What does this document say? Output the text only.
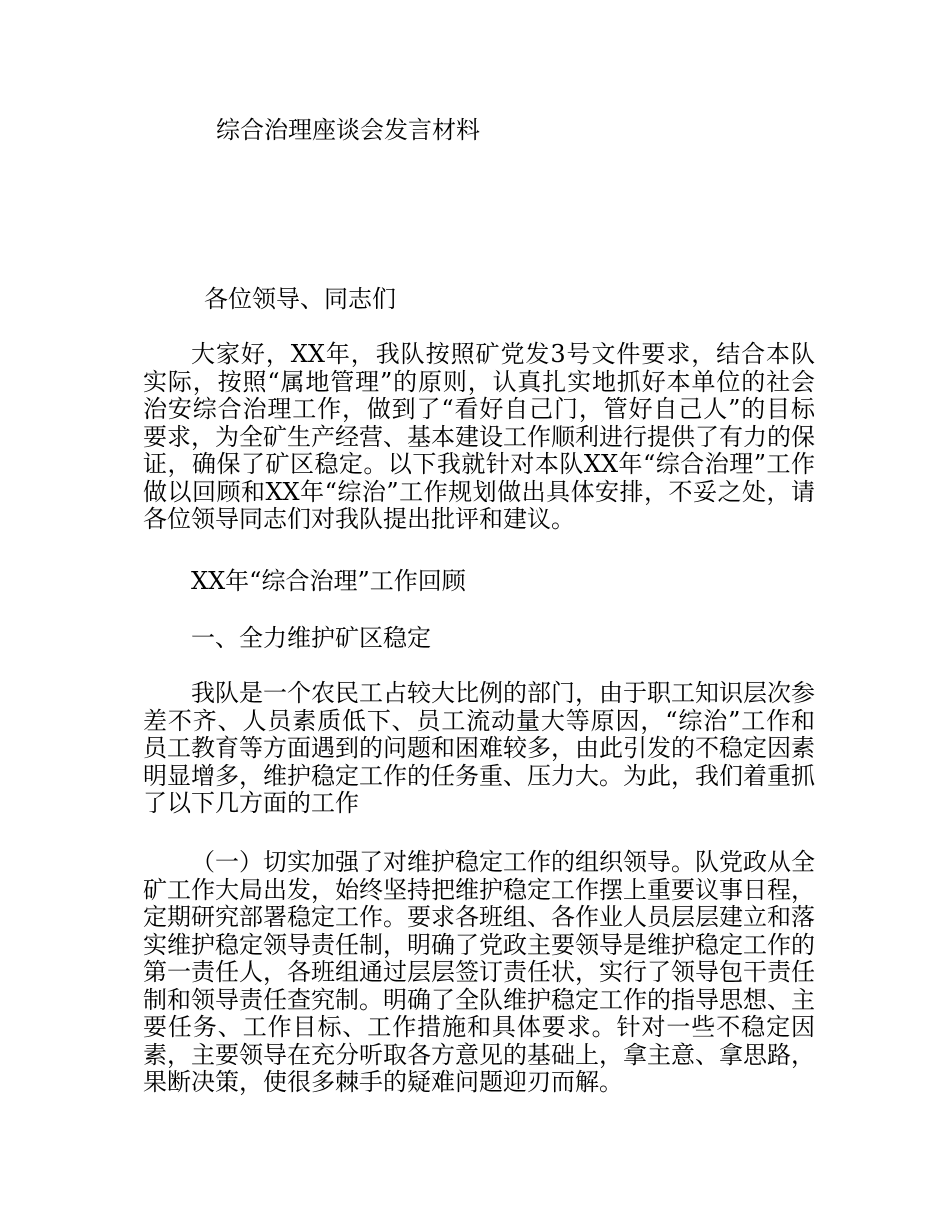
综合治理座谈会发言材料
各位领导、同志们

大家好，XX年，我队按照矿党发3号文件要求，结合本队实际，按照“属地管理”的原则，认真扎实地抓好本单位的社会治安综合治理工作，做到了“看好自己门，管好自己人”的目标要求，为全矿生产经营、基本建设工作顺利进行提供了有力的保证，确保了矿区稳定。以下我就针对本队XX年“综合治理”工作做以回顾和XX年“综治”工作规划做出具体安排，不妥之处，请各位领导同志们对我队提出批评和建议。

XX年“综合治理”工作回顾
一、全力维护矿区稳定

我队是一个农民工占较大比例的部门，由于职工知识层次参差不齐、人员素质低下、员工流动量大等原因，“综治”工作和员工教育等方面遇到的问题和困难较多，由此引发的不稳定因素明显增多，维护稳定工作的任务重、压力大。为此，我们着重抓了以下几方面的工作

（一）切实加强了对维护稳定工作的组织领导。队党政从全矿工作大局出发，始终坚持把维护稳定工作摆上重要议事日程，定期研究部署稳定工作。要求各班组、各作业人员层层建立和落实维护稳定领导责任制，明确了党政主要领导是维护稳定工作的第一责任人，各班组通过层层签订责任状，实行了领导包干责任制和领导责任查究制。明确了全队维护稳定工作的指导思想、主要任务、工作目标、工作措施和具体要求。针对一些不稳定因素，主要领导在充分听取各方意见的基础上，拿主意、拿思路，果断决策，使很多棘手的疑难问题迎刃而解。
